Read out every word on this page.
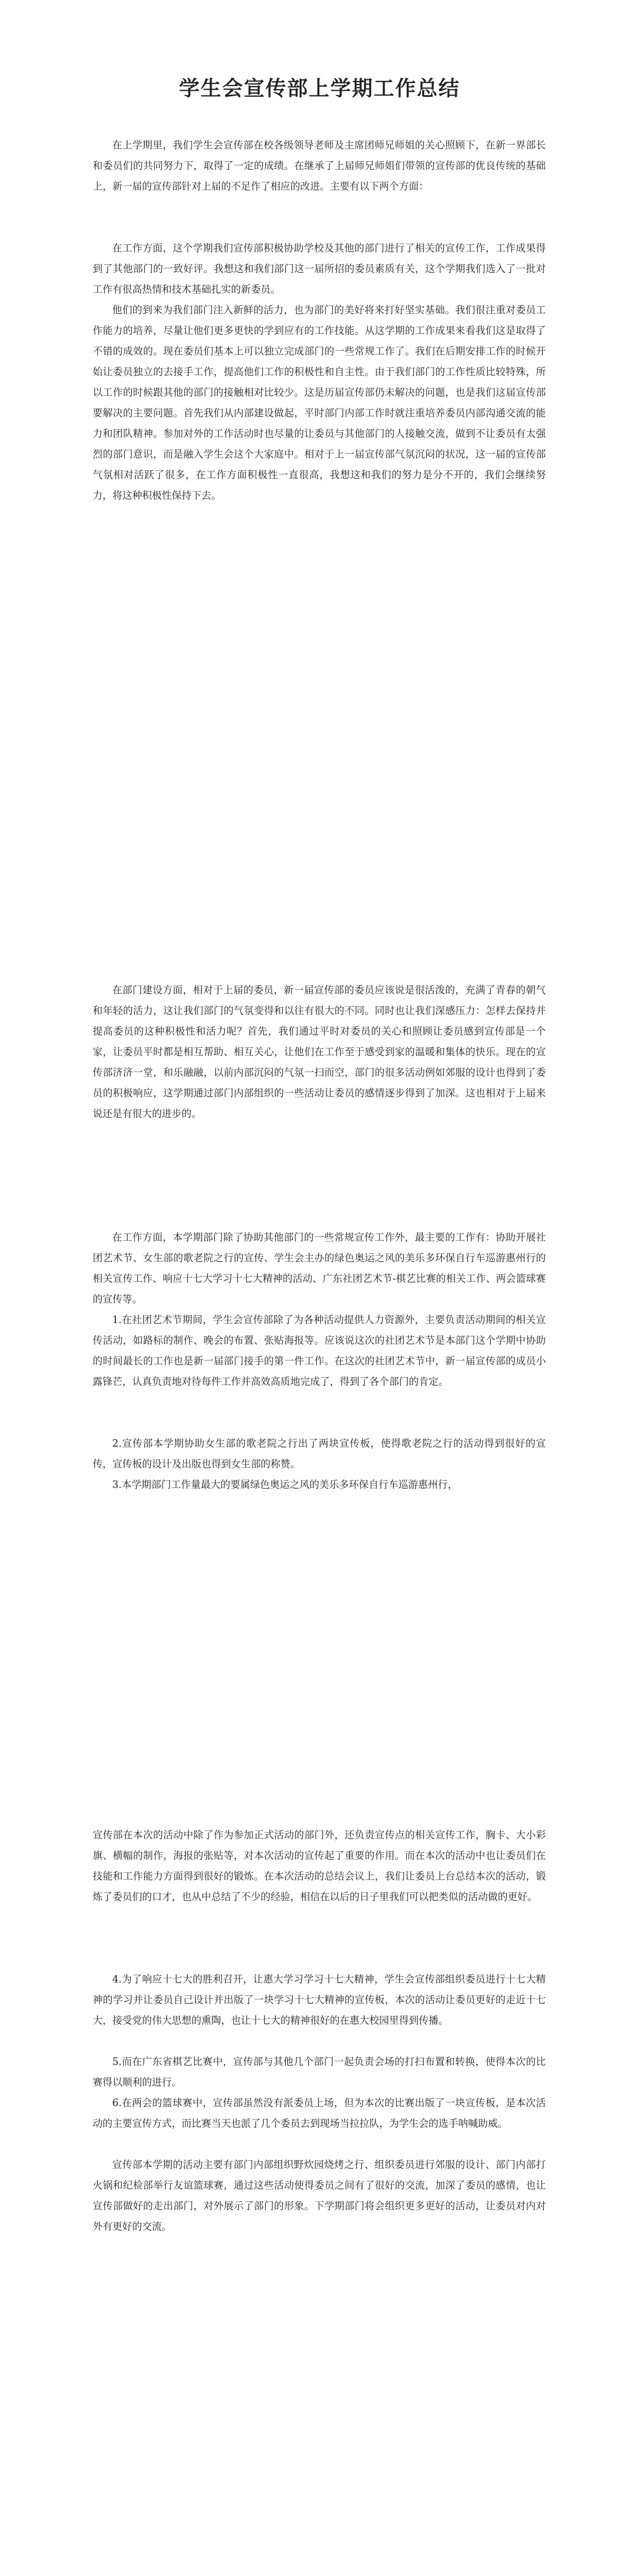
学生会宣传部上学期工作总结

在上学期里，我们学生会宣传部在校各级领导老师及主席团师兄师姐的关心照顾下，在新一界部长和委员们的共同努力下，取得了一定的成绩。在继承了上届师兄师姐们带领的宣传部的优良传统的基础上，新一届的宣传部针对上届的不足作了相应的改进。主要有以下两个方面：

在工作方面，这个学期我们宣传部积极协助学校及其他的部门进行了相关的宣传工作，工作成果得到了其他部门的一致好评。我想这和我们部门这一届所招的委员素质有关，这个学期我们选入了一批对工作有很高热情和技术基础扎实的新委员。

他们的到来为我们部门注入新鲜的活力，也为部门的美好将来打好坚实基础。我们很注重对委员工作能力的培养，尽量让他们更多更快的学到应有的工作技能。从这学期的工作成果来看我们这是取得了不错的成效的。现在委员们基本上可以独立完成部门的一些常规工作了。我们在后期安排工作的时候开始让委员独立的去接手工作，提高他们工作的积极性和自主性。由于我们部门的工作性质比较特殊，所以工作的时候跟其他的部门的接触相对比较少。这是历届宣传部仍未解决的问题，也是我们这届宣传部要解决的主要问题。首先我们从内部建设做起，平时部门内部工作时就注重培养委员内部沟通交流的能力和团队精神。参加对外的工作活动时也尽量的让委员与其他部门的人接触交流，做到不让委员有太强烈的部门意识，而是融入学生会这个大家庭中。相对于上一届宣传部气氛沉闷的状况，这一届的宣传部气氛相对活跃了很多，在工作方面积极性一直很高，我想这和我们的努力是分不开的，我们会继续努力，将这种积极性保持下去。

在部门建设方面，相对于上届的委员，新一届宣传部的委员应该说是很活泼的，充满了青春的朝气和年轻的活力，这让我们部门的气氛变得和以往有很大的不同。同时也让我们深感压力：怎样去保持并提高委员的这种积极性和活力呢？首先，我们通过平时对委员的关心和照顾让委员感到宣传部是一个家，让委员平时都是相互帮助、相互关心，让他们在工作至于感受到家的温暖和集体的快乐。现在的宣传部济济一堂，和乐融融，以前内部沉闷的气氛一扫而空，部门的很多活动例如郊服的设计也得到了委员的积极响应，这学期通过部门内部组织的一些活动让委员的感情逐步得到了加深。这也相对于上届来说还是有很大的进步的。

在工作方面，本学期部门除了协助其他部门的一些常规宣传工作外，最主要的工作有：协助开展社团艺术节、女生部的歌老院之行的宣传、学生会主办的绿色奥运之风的美乐多环保自行车巡游惠州行的相关宣传工作、响应十七大学习十七大精神的活动、广东社团艺术节-棋艺比赛的相关工作、两会篮球赛的宣传等。

1.在社团艺术节期间，学生会宣传部除了为各种活动提供人力资源外，主要负责活动期间的相关宣传活动，如路标的制作、晚会的布置、张贴海报等。应该说这次的社团艺术节是本部门这个学期中协助的时间最长的工作也是新一届部门接手的第一件工作。在这次的社团艺术节中，新一届宣传部的成员小露锋芒，认真负责地对待每件工作并高效高质地完成了，得到了各个部门的肯定。

2.宣传部本学期协助女生部的歌老院之行出了两块宣传板，使得歌老院之行的活动得到很好的宣传，宣传板的设计及出版也得到女生部的称赞。

3.本学期部门工作量最大的要属绿色奥运之风的美乐多环保自行车巡游惠州行，

宣传部在本次的活动中除了作为参加正式活动的部门外，还负责宣传点的相关宣传工作，胸卡、大小彩旗、横幅的制作，海报的张贴等，对本次活动的宣传起了重要的作用。而在本次的活动中也让委员们在技能和工作能力方面得到很好的锻炼。在本次活动的总结会议上，我们让委员上台总结本次的活动，锻炼了委员们的口才，也从中总结了不少的经验，相信在以后的日子里我们可以把类似的活动做的更好。

4.为了响应十七大的胜利召开，让惠大学习学习十七大精神，学生会宣传部组织委员进行十七大精神的学习并让委员自己设计并出版了一块学习十七大精神的宣传板，本次的活动让委员更好的走近十七大，接受党的伟大思想的熏陶，也让十七大的精神很好的在惠大校园里得到传播。

5.而在广东省棋艺比赛中，宣传部与其他几个部门一起负责会场的打扫布置和转换，使得本次的比赛得以顺利的进行。

6.在两会的篮球赛中，宣传部虽然没有派委员上场，但为本次的比赛出版了一块宣传板，是本次活动的主要宣传方式，而比赛当天也派了几个委员去到现场当拉拉队，为学生会的选手呐喊助威。

宣传部本学期的活动主要有部门内部组织野炊园烧烤之行、组织委员进行郊服的设计、部门内部打火锅和纪检部举行友谊篮球赛，通过这些活动使得委员之间有了很好的交流，加深了委员的感情，也让宣传部做好的走出部门，对外展示了部门的形象。下学期部门将会组织更多更好的活动，让委员对内对外有更好的交流。
